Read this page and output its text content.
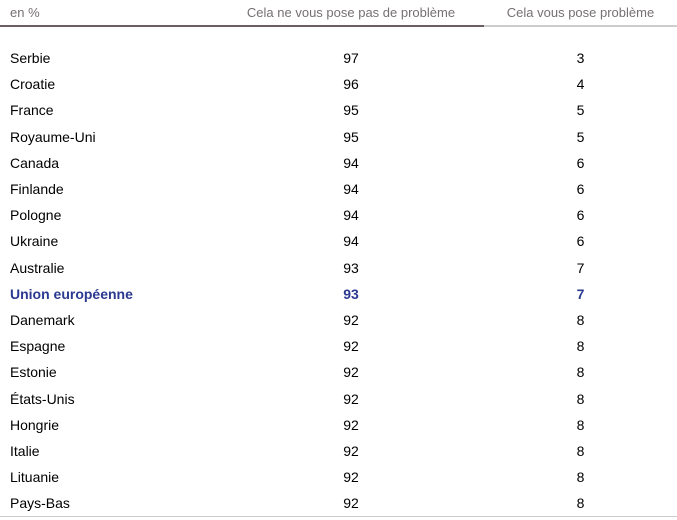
en %	Cela ne vous pose pas de problème	Cela vous pose problème
Serbie	97	3
Croatie	96	4
France	95	5
Royaume-Uni	95	5
Canada	94	6
Finlande	94	6
Pologne	94	6
Ukraine	94	6
Australie	93	7
Union européenne	93	7
Danemark	92	8
Espagne	92	8
Estonie	92	8
États-Unis	92	8
Hongrie	92	8
Italie	92	8
Lituanie	92	8
Pays-Bas	92	8
